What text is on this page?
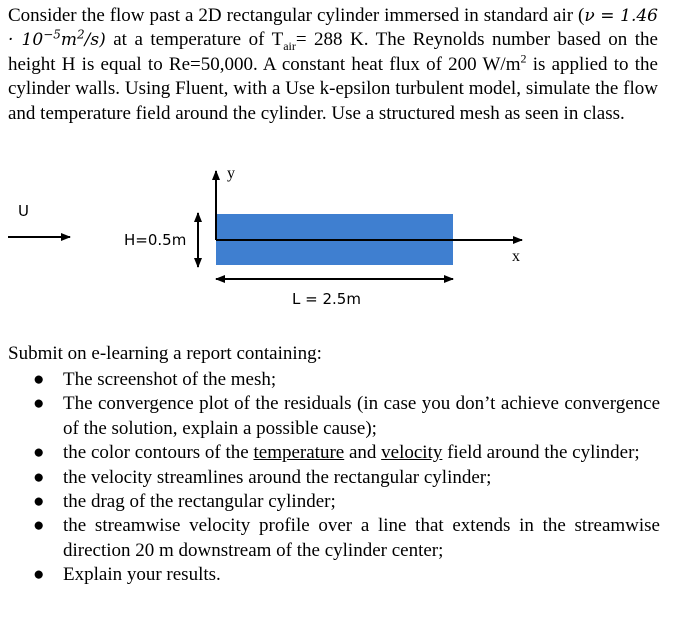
Consider the flow past a 2D rectangular cylinder immersed in standard air $(\nu = 1.46 \cdot 10^{-5}m^2/s)$ at a temperature of $T_{air}= 288$ K. The Reynolds number based on the height H is equal to Re=50,000. A constant heat flux of 200 $W/m^2$ is applied to the cylinder walls. Using Fluent, with a Use k-epsilon turbulent model, simulate the flow and temperature field around the cylinder. Use a structured mesh as seen in class.

U
H=0.5m
y
x
L = 2.5m

Submit on e-learning a report containing:

● The screenshot of the mesh;
● The convergence plot of the residuals (in case you don’t achieve convergence of the solution, explain a possible cause);
● the color contours of the temperature and velocity field around the cylinder;
● the velocity streamlines around the rectangular cylinder;
● the drag of the rectangular cylinder;
● the streamwise velocity profile over a line that extends in the streamwise direction 20 m downstream of the cylinder center;
● Explain your results.
